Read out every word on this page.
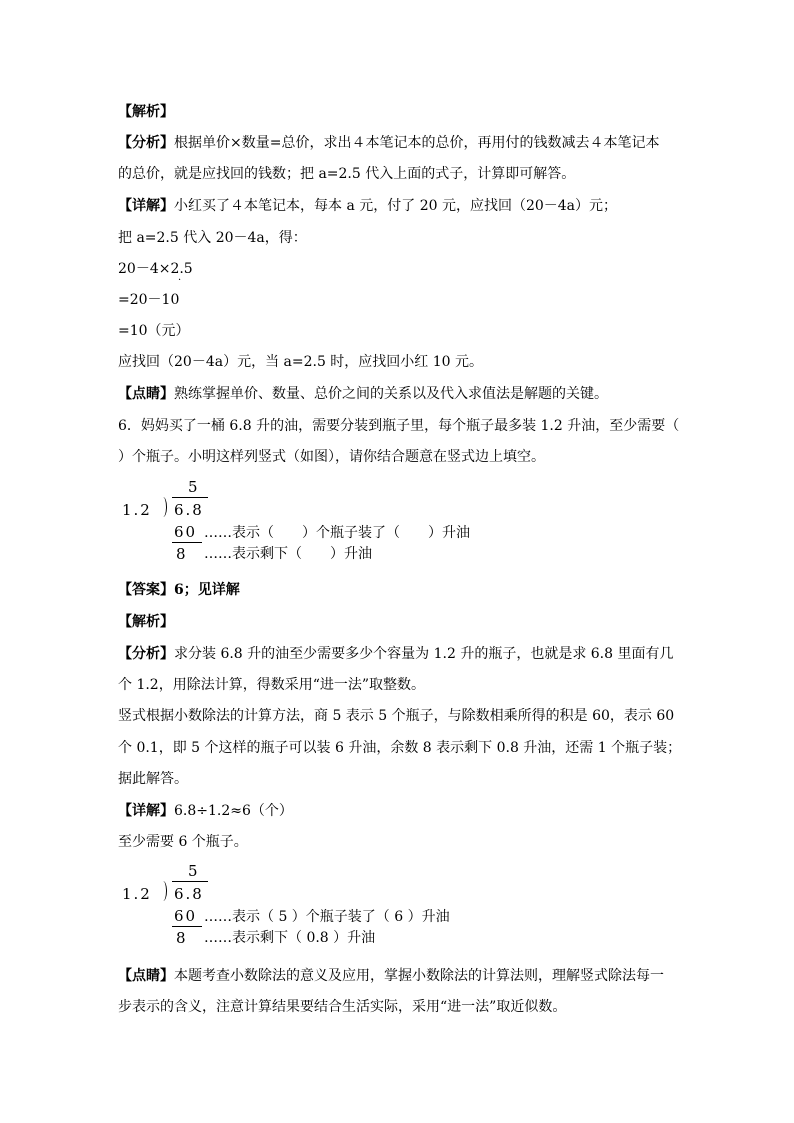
【解析】
【分析】根据单价×数量=总价，求出４本笔记本的总价，再用付的钱数减去４本笔记本
的总价，就是应找回的钱数；把 a=2.5 代入上面的式子，计算即可解答。
【详解】小红买了４本笔记本，每本 a 元，付了 20 元，应找回（20－4a）元；
把 a=2.5 代入 20－4a，得：
20－4×2.5
·
=20－10
=10（元）
应找回（20－4a）元，当 a=2.5 时，应找回小红 10 元。
【点睛】熟练掌握单价、数量、总价之间的关系以及代入求值法是解题的关键。
6．妈妈买了一桶 6.8 升的油，需要分装到瓶子里，每个瓶子最多装 1.2 升油，至少需要（
）个瓶子。小明这样列竖式（如图），请你结合题意在竖式边上填空。
5
1.2 6.8
60 ……表示（　　）个瓶子装了（　　）升油
8 ……表示剩下（　　）升油
【答案】6；见详解
【解析】
【分析】求分装 6.8 升的油至少需要多少个容量为 1.2 升的瓶子，也就是求 6.8 里面有几
个 1.2，用除法计算，得数采用“进一法”取整数。
竖式根据小数除法的计算方法，商 5 表示 5 个瓶子，与除数相乘所得的积是 60，表示 60
个 0.1，即 5 个这样的瓶子可以装 6 升油，余数 8 表示剩下 0.8 升油，还需 1 个瓶子装；
据此解答。
【详解】6.8÷1.2≈6（个）
至少需要 6 个瓶子。
5
1.2 6.8
60 ……表示（ 5 ）个瓶子装了（ 6 ）升油
8 ……表示剩下（ 0.8 ）升油
【点睛】本题考查小数除法的意义及应用，掌握小数除法的计算法则，理解竖式除法每一
步表示的含义，注意计算结果要结合生活实际，采用“进一法”取近似数。
